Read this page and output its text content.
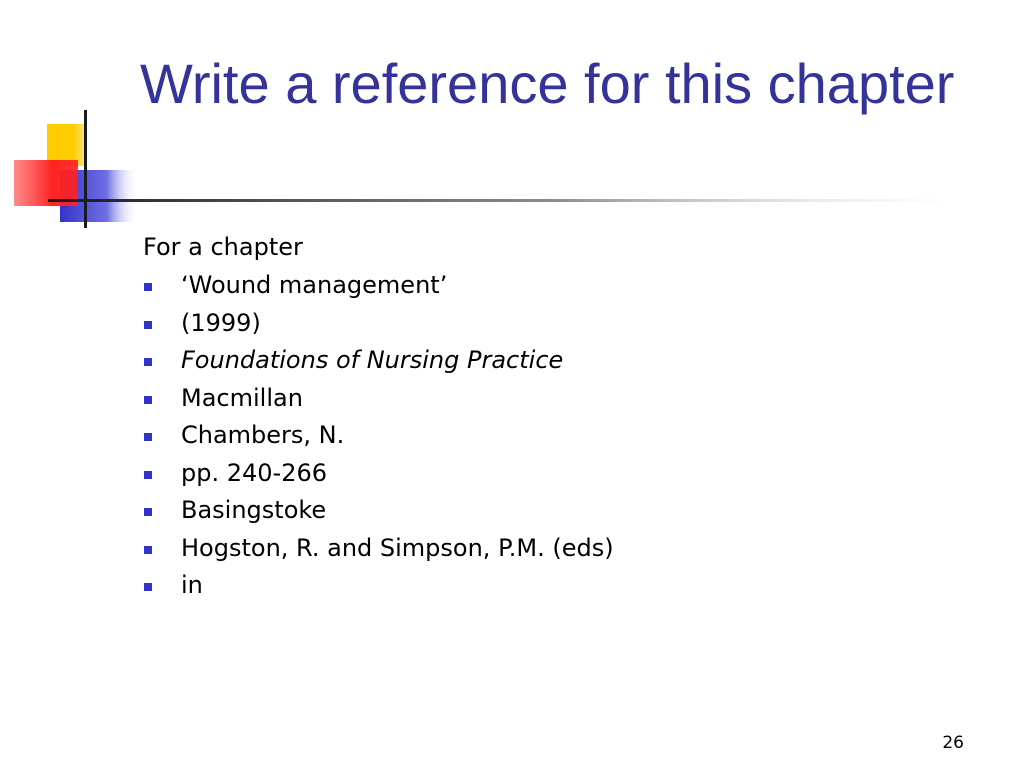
Write a reference for this chapter

For a chapter

‘Wound management’
(1999)
Foundations of Nursing Practice
Macmillan
Chambers, N.
pp. 240-266
Basingstoke
Hogston, R. and Simpson, P.M. (eds)
in
26
